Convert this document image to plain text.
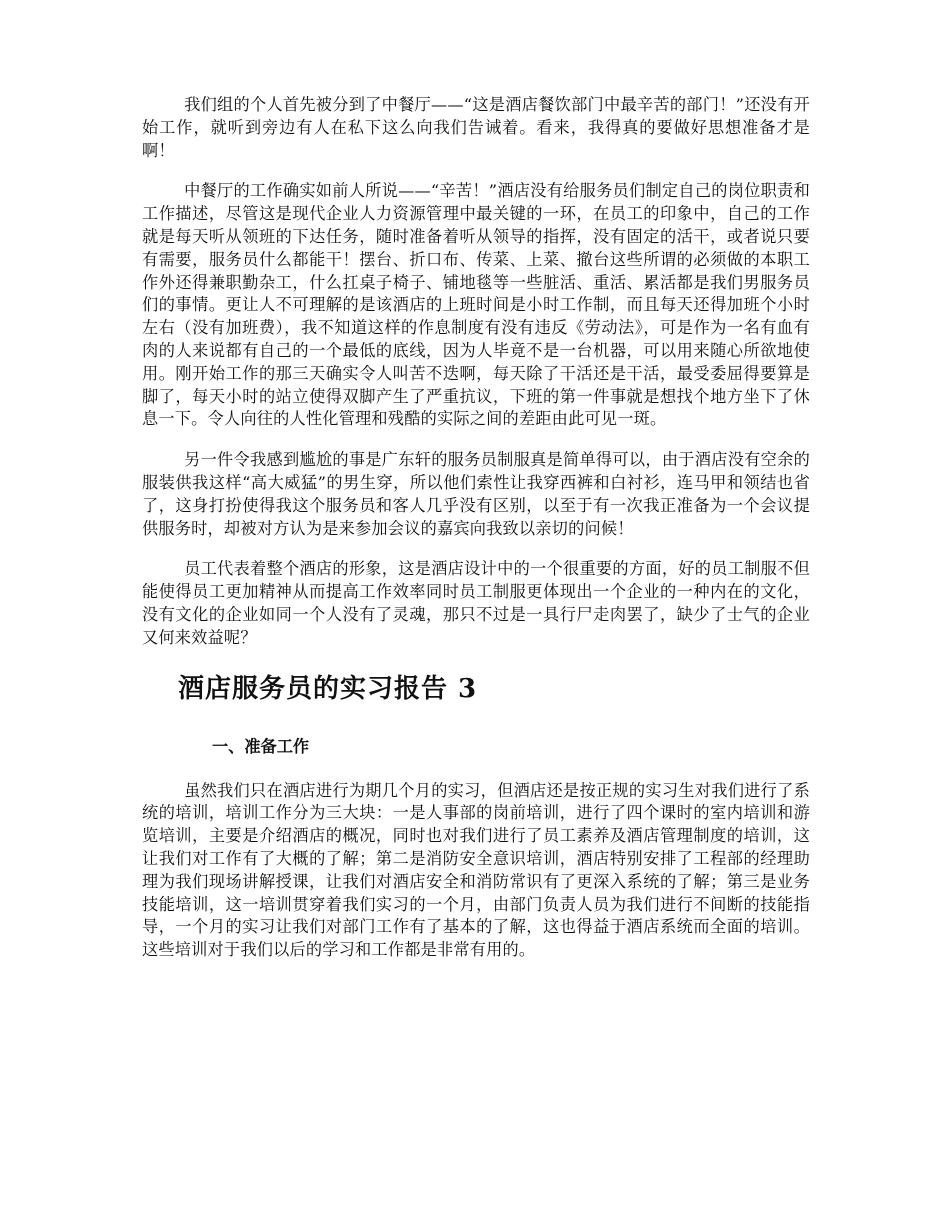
我们组的个人首先被分到了中餐厅——“这是酒店餐饮部门中最辛苦的部门！”还没有开始工作，就听到旁边有人在私下这么向我们告诫着。看来，我得真的要做好思想准备才是啊！

中餐厅的工作确实如前人所说——“辛苦！”酒店没有给服务员们制定自己的岗位职责和工作描述，尽管这是现代企业人力资源管理中最关键的一环，在员工的印象中，自己的工作就是每天听从领班的下达任务，随时准备着听从领导的指挥，没有固定的活干，或者说只要有需要，服务员什么都能干！摆台、折口布、传菜、上菜、撤台这些所谓的必须做的本职工作外还得兼职勤杂工，什么扛桌子椅子、铺地毯等一些脏活、重活、累活都是我们男服务员们的事情。更让人不可理解的是该酒店的上班时间是小时工作制，而且每天还得加班个小时左右（没有加班费），我不知道这样的作息制度有没有违反《劳动法》，可是作为一名有血有肉的人来说都有自己的一个最低的底线，因为人毕竟不是一台机器，可以用来随心所欲地使用。刚开始工作的那三天确实令人叫苦不迭啊，每天除了干活还是干活，最受委屈得要算是脚了，每天小时的站立使得双脚产生了严重抗议，下班的第一件事就是想找个地方坐下了休息一下。令人向往的人性化管理和残酷的实际之间的差距由此可见一斑。

另一件令我感到尴尬的事是广东轩的服务员制服真是简单得可以，由于酒店没有空余的服装供我这样“高大威猛”的男生穿，所以他们索性让我穿西裤和白衬衫，连马甲和领结也省了，这身打扮使得我这个服务员和客人几乎没有区别，以至于有一次我正准备为一个会议提供服务时，却被对方认为是来参加会议的嘉宾向我致以亲切的问候！

员工代表着整个酒店的形象，这是酒店设计中的一个很重要的方面，好的员工制服不但能使得员工更加精神从而提高工作效率同时员工制服更体现出一个企业的一种内在的文化，没有文化的企业如同一个人没有了灵魂，那只不过是一具行尸走肉罢了，缺少了士气的企业又何来效益呢？

酒店服务员的实习报告 3
一、准备工作

虽然我们只在酒店进行为期几个月的实习，但酒店还是按正规的实习生对我们进行了系统的培训，培训工作分为三大块：一是人事部的岗前培训，进行了四个课时的室内培训和游览培训，主要是介绍酒店的概况，同时也对我们进行了员工素养及酒店管理制度的培训，这让我们对工作有了大概的了解；第二是消防安全意识培训，酒店特别安排了工程部的经理助理为我们现场讲解授课，让我们对酒店安全和消防常识有了更深入系统的了解；第三是业务技能培训，这一培训贯穿着我们实习的一个月，由部门负责人员为我们进行不间断的技能指导，一个月的实习让我们对部门工作有了基本的了解，这也得益于酒店系统而全面的培训。这些培训对于我们以后的学习和工作都是非常有用的。
